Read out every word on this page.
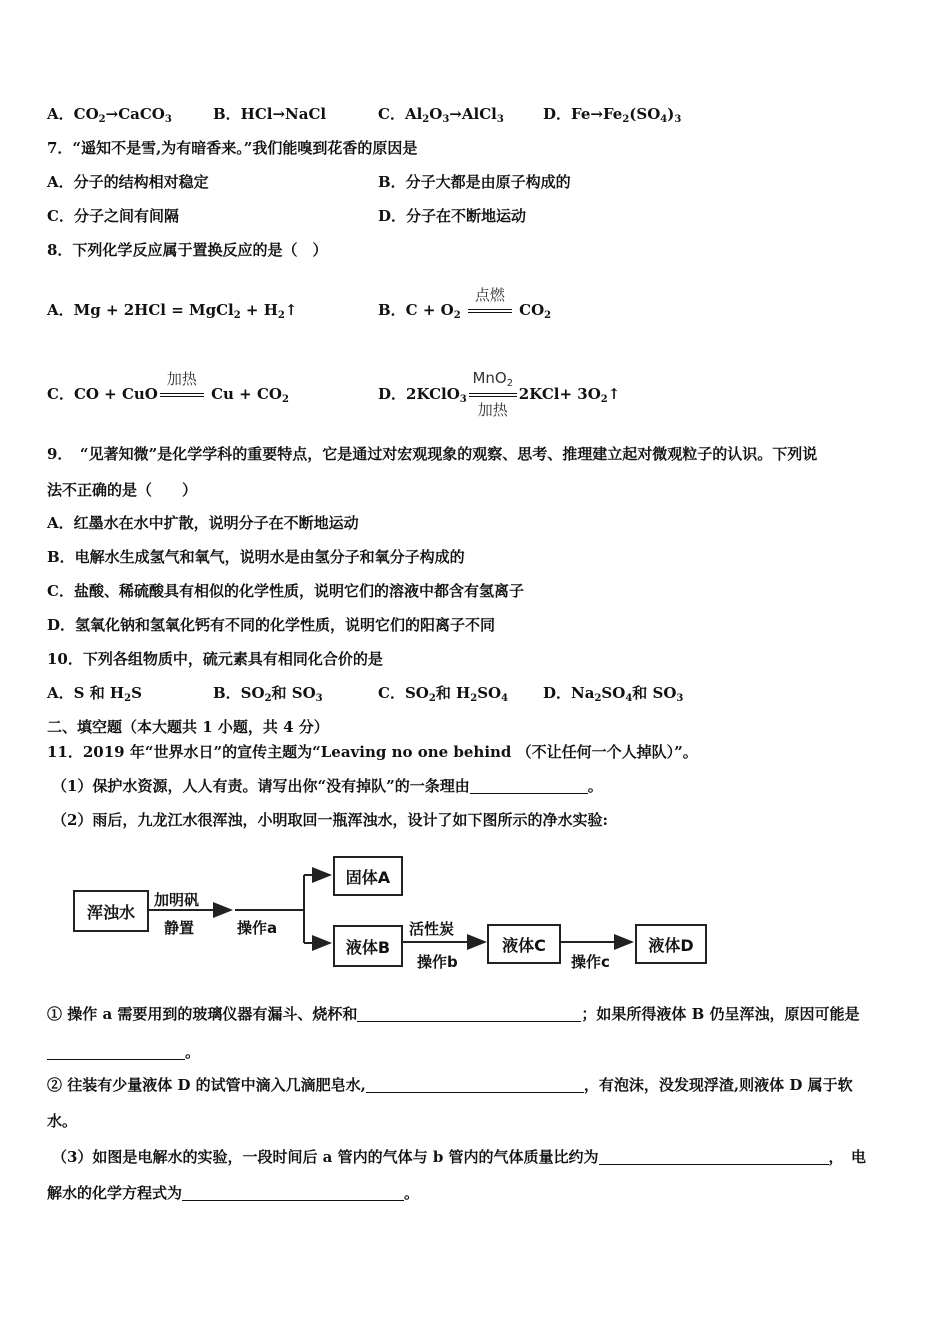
A．$CO_2\to CaCO_3$	B．HCl→NaCl	C．$Al_2O_3\to AlCl_3$	D．$Fe\to Fe_2(SO_4)_3$
7．“遥知不是雪,为有暗香来。”我们能嗅到花香的原因是
A．分子的结构相对稳定	B．分子大都是由原子构成的
C．分子之间有间隔	D．分子在不断地运动
8．下列化学反应属于置换反应的是（　）
A．Mg + 2HCl = MgCl$_2$ + $H_2↑$	B．$C + O_2$
点燃
$CO_2$
C．CO + CuO
加热
$Cu + CO_2$	D．2KClO$_3$
MnO$_2$
加热
$2KCl+ 3O_2↑$
9．　“见著知微”是化学学科的重要特点，它是通过对宏观现象的观察、思考、推理建立起对微观粒子的认识。下列说
法不正确的是（　　）
A．红墨水在水中扩散，说明分子在不断地运动
B．电解水生成氢气和氧气，说明水是由氢分子和氧分子构成的
C．盐酸、稀硫酸具有相似的化学性质，说明它们的溶液中都含有氢离子
D．氢氧化钠和氢氧化钙有不同的化学性质，说明它们的阳离子不同
10．下列各组物质中，硫元素具有相同化合价的是
A．S 和 $H_2S$	B．$SO_2$和 $SO_3$	C．$SO_2$和 $H_2SO_4$ D．$Na_2SO_4$和 $SO_3$
二、填空题（本大题共 1 小题，共 4 分）
11．2019 年“世界水日”的宣传主题为“Leaving no one behind （不让任何一个人掉队）”。
（1）保护水资源，人人有责。请写出你“没有掉队”的一条理由	。
（2）雨后，九龙江水很浑浊，小明取回一瓶浑浊水，设计了如下图所示的净水实验:
浑浊水
加明矾
静置	操作a
固体A
液体B
活性炭
操作b
液体C
操作c
液体D
① 操作 a 需要用到的玻璃仪器有漏斗、烧杯和	；如果所得液体 B 仍呈浑浊，原因可能是
。
② 往装有少量液体 D 的试管中滴入几滴肥皂水,	，有泡沫，没发现浮渣,则液体 D 属于软
水。
（3）如图是电解水的实验，一段时间后 a 管内的气体与 b 管内的气体质量比约为	，　电
解水的化学方程式为	。
